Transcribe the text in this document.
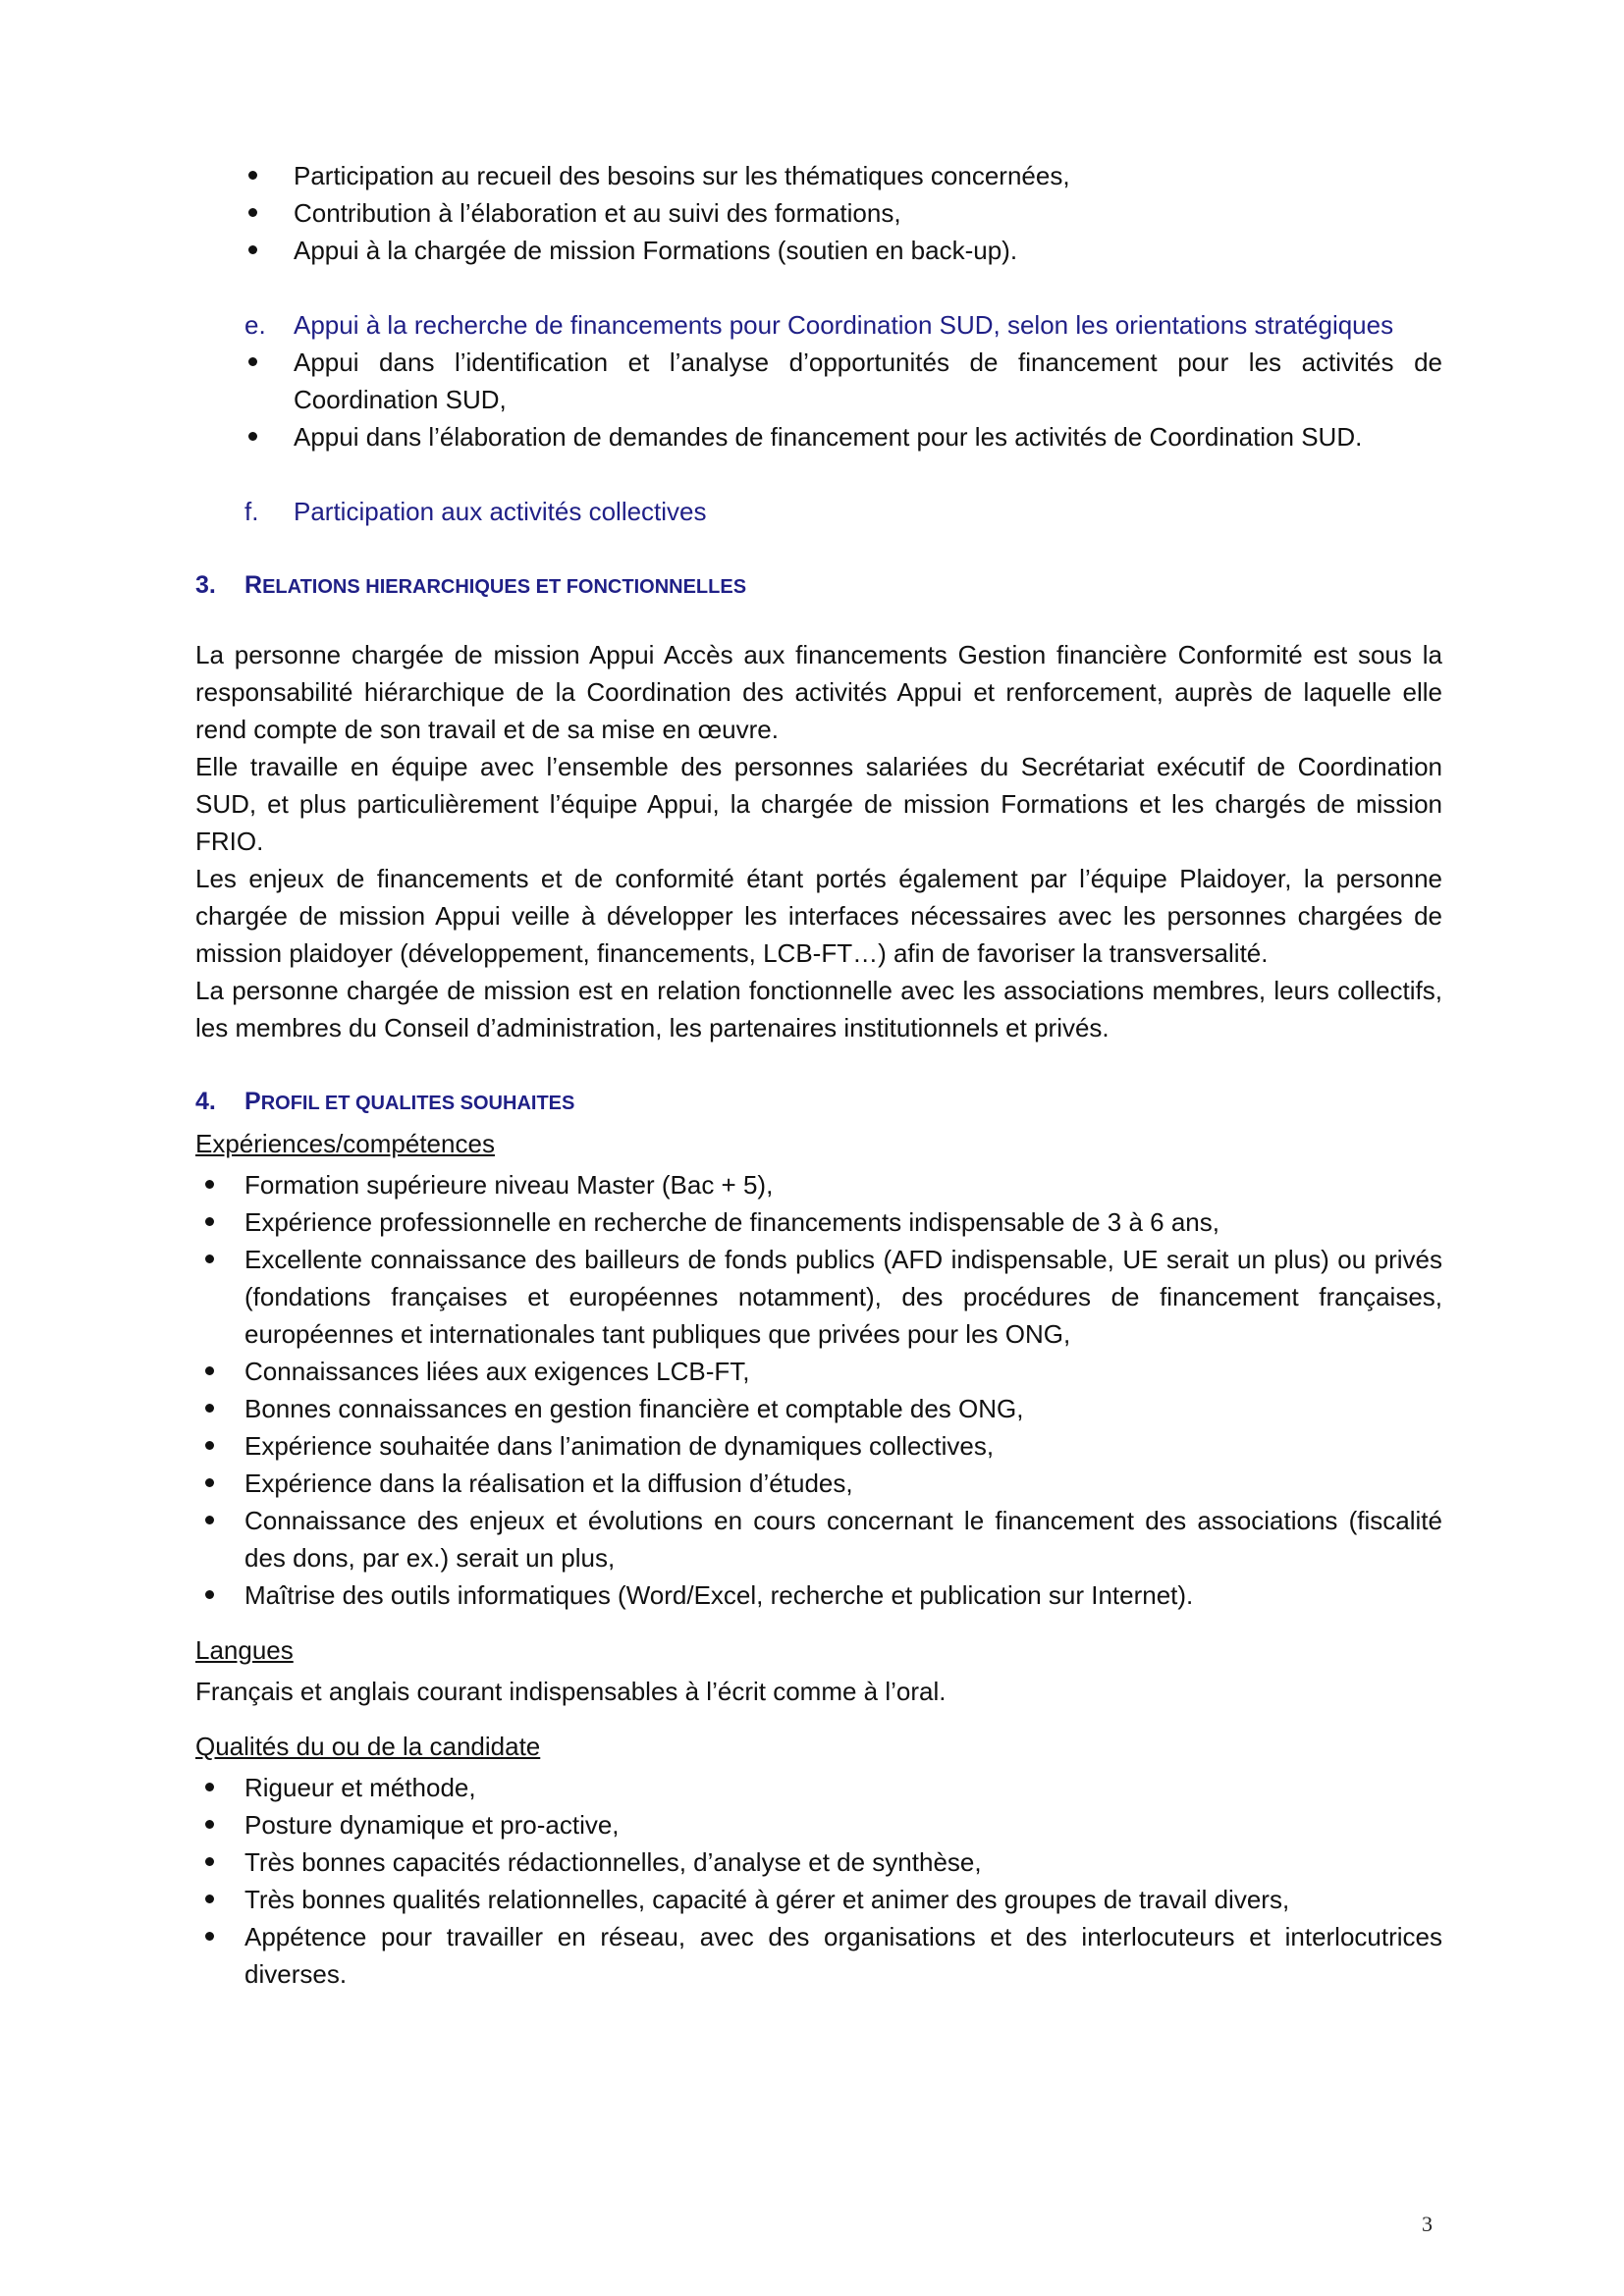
Participation au recueil des besoins sur les thématiques concernées,
Contribution à l’élaboration et au suivi des formations,
Appui à la chargée de mission Formations (soutien en back-up).
e. Appui à la recherche de financements pour Coordination SUD, selon les orientations stratégiques
Appui dans l’identification et l’analyse d’opportunités de financement pour les activités de Coordination SUD,
Appui dans l’élaboration de demandes de financement pour les activités de Coordination SUD.
f. Participation aux activités collectives
3. RELATIONS HIERARCHIQUES ET FONCTIONNELLES
La personne chargée de mission Appui Accès aux financements Gestion financière Conformité est sous la responsabilité hiérarchique de la Coordination des activités Appui et renforcement, auprès de laquelle elle rend compte de son travail et de sa mise en œuvre.
Elle travaille en équipe avec l’ensemble des personnes salariées du Secrétariat exécutif de Coordination SUD, et plus particulièrement l’équipe Appui, la chargée de mission Formations et les chargés de mission FRIO.
Les enjeux de financements et de conformité étant portés également par l’équipe Plaidoyer, la personne chargée de mission Appui veille à développer les interfaces nécessaires avec les personnes chargées de mission plaidoyer (développement, financements, LCB-FT…) afin de favoriser la transversalité.
La personne chargée de mission est en relation fonctionnelle avec les associations membres, leurs collectifs, les membres du Conseil d’administration, les partenaires institutionnels et privés.
4. PROFIL ET QUALITES SOUHAITES
Expériences/compétences
Formation supérieure niveau Master (Bac + 5),
Expérience professionnelle en recherche de financements indispensable de 3 à 6 ans,
Excellente connaissance des bailleurs de fonds publics (AFD indispensable, UE serait un plus) ou privés (fondations françaises et européennes notamment), des procédures de financement françaises, européennes et internationales tant publiques que privées pour les ONG,
Connaissances liées aux exigences LCB-FT,
Bonnes connaissances en gestion financière et comptable des ONG,
Expérience souhaitée dans l’animation de dynamiques collectives,
Expérience dans la réalisation et la diffusion d’études,
Connaissance des enjeux et évolutions en cours concernant le financement des associations (fiscalité des dons, par ex.) serait un plus,
Maîtrise des outils informatiques (Word/Excel, recherche et publication sur Internet).
Langues
Français et anglais courant indispensables à l’écrit comme à l’oral.
Qualités du ou de la candidate
Rigueur et méthode,
Posture dynamique et pro-active,
Très bonnes capacités rédactionnelles, d’analyse et de synthèse,
Très bonnes qualités relationnelles, capacité à gérer et animer des groupes de travail divers,
Appétence pour travailler en réseau, avec des organisations et des interlocuteurs et interlocutrices diverses.
3
